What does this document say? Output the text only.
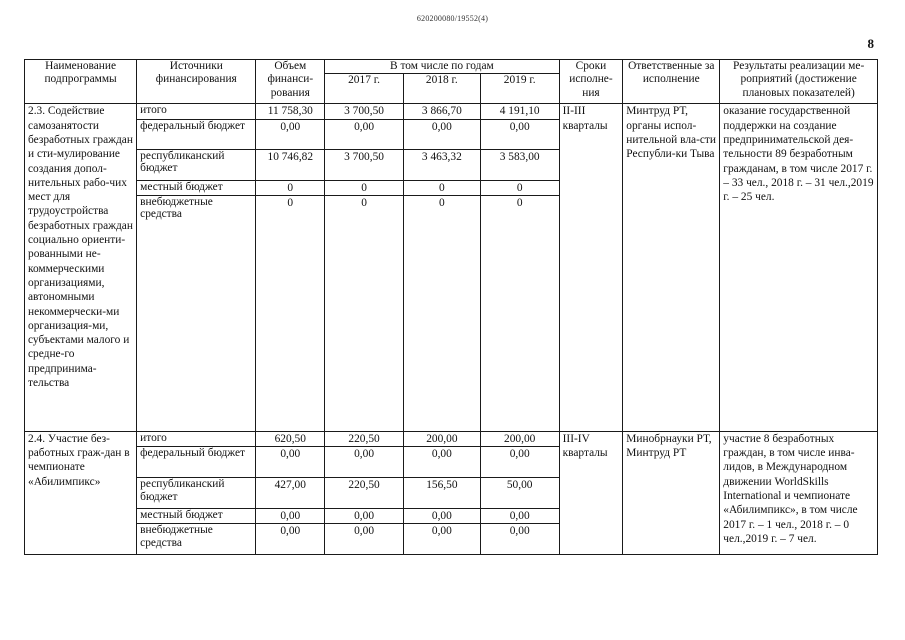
620200080/19552(4)
8
Наименование подпрограммы	Источники финансирования	Объем финанси-рования	В том числе по годам			Сроки исполне-ния	Ответственные за исполнение	Результаты реализации ме-роприятий (достижение плановых показателей)
			2017 г.	2018 г.	2019 г.			
2.3. Содействие самозанятости безработных граждан и сти-мулирование создания допол-нительных рабо-чих мест для трудоустройства безработных граждан социально ориенти-рованными не-коммерческими организациями, автономными некоммерчески-ми организация-ми, субъектами малого и средне-го предпринима-тельства	итого	11 758,30	3 700,50	3 866,70	4 191,10	II-III кварталы	Минтруд РТ, органы испол-нительной вла-сти Республи-ки Тыва	оказание государственной поддержки на создание предпринимательской дея-тельности 89 безработным гражданам, в том числе 2017 г. – 33 чел., 2018 г. – 31 чел.,2019 г. – 25 чел.
	федеральный бюджет	0,00	0,00	0,00	0,00			
	республиканский бюджет	10 746,82	3 700,50	3 463,32	3 583,00			
	местный бюджет	0	0	0	0			
	внебюджетные средства	0	0	0	0			
2.4. Участие без-работных граж-дан в чемпионате «Абилимпикс»	итого	620,50	220,50	200,00	200,00	III-IV кварталы	Минобрнауки РТ, Минтруд РТ	участие 8 безработных граждан, в том числе инва-лидов, в Международном движении WorldSkills International и чемпионате «Абилимпикс», в том числе 2017 г. – 1 чел., 2018 г. – 0 чел.,2019 г. – 7 чел.
	федеральный бюджет	0,00	0,00	0,00	0,00			
	республиканский бюджет	427,00	220,50	156,50	50,00			
	местный бюджет	0,00	0,00	0,00	0,00			
	внебюджетные средства	0,00	0,00	0,00	0,00			
